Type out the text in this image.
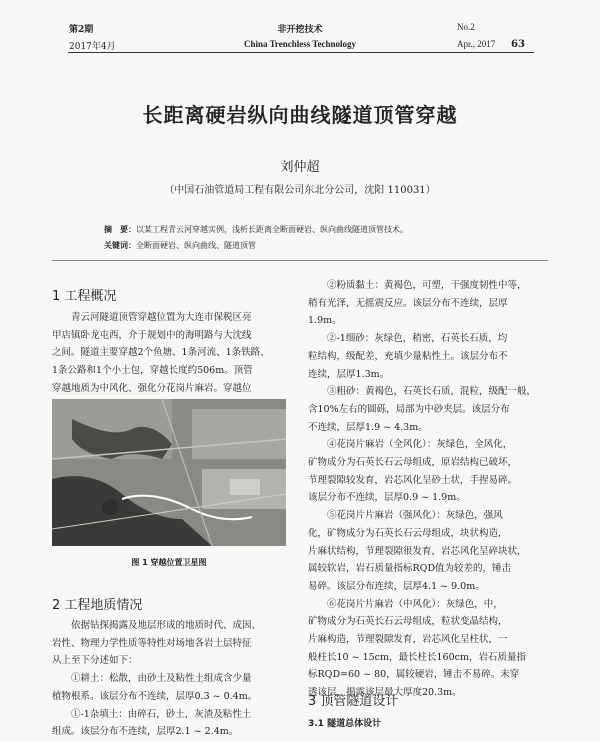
第2期
2017年4月
非开挖技术
China Trenchless Technology
No.2
Apr., 2017 63
长距离硬岩纵向曲线隧道顶管穿越
刘仲超
（中国石油管道局工程有限公司东北分公司，沈阳 110031）
摘　要：以某工程青云河穿越实例，浅析长距离全断面硬岩、纵向曲线隧道顶管技术。
关键词：全断面硬岩、纵向曲线、隧道顶管
1 工程概况
青云河隧道顶管穿越位置为大连市保税区亮
甲店镇卧龙屯西，介于规划中的海明路与大沈线
之间。隧道主要穿越2个鱼塘、1条河流、1条铁路、
1条公路和1个小土包，穿越长度约506m。顶管
穿越地质为中风化、强化分花岗片麻岩。穿越位
图 1 穿越位置卫星图
2 工程地质情况
依据钻探揭露及地层形成的地质时代、成因、
岩性、物理力学性质等特性对场地各岩土层特征
从上至下分述如下：
①耕土：松散，由砂土及粘性土组成含少量
植物根系。该层分布不连续，层厚0.3 ~ 0.4m。
①-1杂填土：由碎石，砂土，灰渣及粘性土
组成。该层分布不连续，层厚2.1 ~ 2.4m。
②粉质黏土：黄褐色，可塑，干强度韧性中等，
稍有光泽，无摇震反应。该层分布不连续，层厚
1.9m。
②-1细砂：灰绿色，稍密，石英长石质，均
粒结构，级配差，充填少量粘性土。该层分布不
连续，层厚1.3m。
③粗砂：黄褐色，石英长石质，混粒，级配一般，
含10%左右的圆砾，局部为中砂夹层。该层分布
不连续，层厚1.9 ~ 4.3m。
④花岗片麻岩（全风化）：灰绿色，全风化，
矿物成分为石英长石云母组成，原岩结构已破坏，
节理裂隙较发育，岩芯风化呈砂土状，手捏易碎。
该层分布不连续，层厚0.9 ~ 1.9m。
⑤花岗片片麻岩（强风化）：灰绿色，强风
化，矿物成分为石英长石云母组成，块状构造，
片麻状结构，节理裂隙很发育，岩芯风化呈碎块状，
属较软岩，岩石质量指标RQD值为较差的，锤击
易碎。该层分布连续，层厚4.1 ~ 9.0m。
⑥花岗片片麻岩（中风化）：灰绿色，中，
矿物成分为石英长石云母组成，粒状变晶结构，
片麻构造，节理裂隙发育，岩芯风化呈柱状，一
般柱长10 ~ 15cm，最长柱长160cm，岩石质量指
标RQD=60 ~ 80，属较硬岩，锤击不易碎。未穿
透该层，揭露该层最大厚度20.3m。
3 顶管隧道设计
3.1 隧道总体设计
